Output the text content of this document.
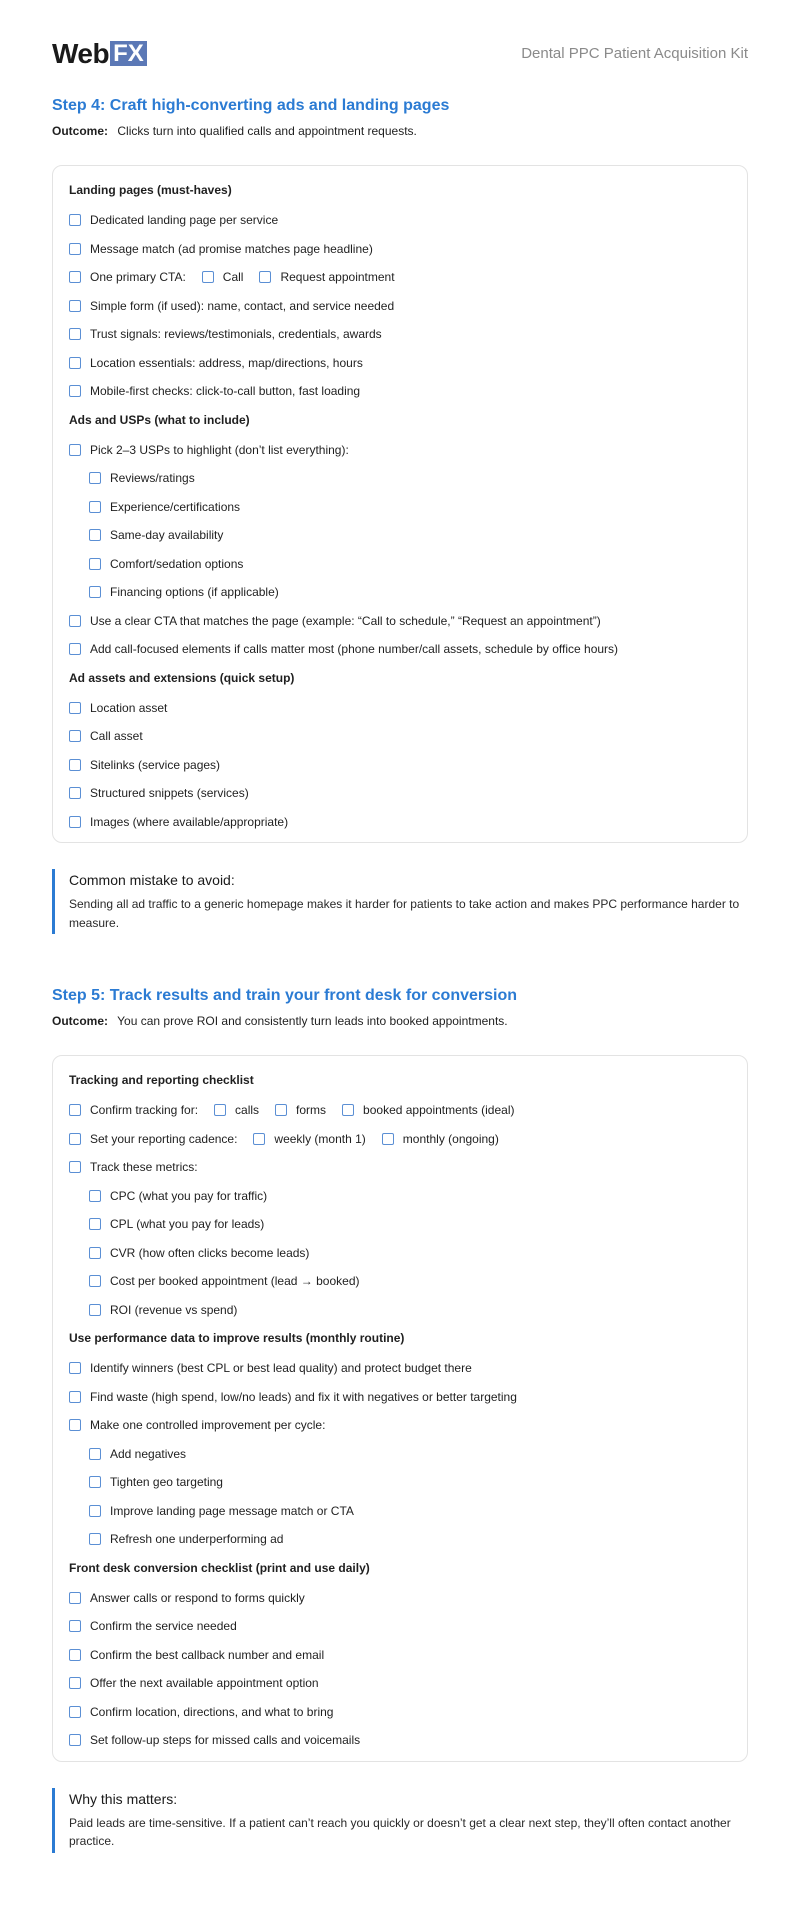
Web FX	Dental PPC Patient Acquisition Kit
Step 4: Craft high-converting ads and landing pages
Outcome: Clicks turn into qualified calls and appointment requests.
Landing pages (must-haves)
Dedicated landing page per service
Message match (ad promise matches page headline)
One primary CTA:	Call	Request appointment
Simple form (if used): name, contact, and service needed
Trust signals: reviews/testimonials, credentials, awards
Location essentials: address, map/directions, hours
Mobile-first checks: click-to-call button, fast loading
Ads and USPs (what to include)
Pick 2–3 USPs to highlight (don’t list everything):
Reviews/ratings
Experience/certifications
Same-day availability
Comfort/sedation options
Financing options (if applicable)
Use a clear CTA that matches the page (example: “Call to schedule,” “Request an appointment”)
Add call-focused elements if calls matter most (phone number/call assets, schedule by office hours)
Ad assets and extensions (quick setup)
Location asset
Call asset
Sitelinks (service pages)
Structured snippets (services)
Images (where available/appropriate)
Common mistake to avoid:

Sending all ad traffic to a generic homepage makes it harder for patients to take action and makes PPC performance harder to measure.

Step 5: Track results and train your front desk for conversion
Outcome: You can prove ROI and consistently turn leads into booked appointments.
Tracking and reporting checklist
Confirm tracking for:	calls	forms	booked appointments (ideal)
Set your reporting cadence:	weekly (month 1)	monthly (ongoing)
Track these metrics:
CPC (what you pay for traffic)
CPL (what you pay for leads)
CVR (how often clicks become leads)
Cost per booked appointment (lead → booked)
ROI (revenue vs spend)
Use performance data to improve results (monthly routine)
Identify winners (best CPL or best lead quality) and protect budget there
Find waste (high spend, low/no leads) and fix it with negatives or better targeting
Make one controlled improvement per cycle:
Add negatives
Tighten geo targeting
Improve landing page message match or CTA
Refresh one underperforming ad
Front desk conversion checklist (print and use daily)
Answer calls or respond to forms quickly
Confirm the service needed
Confirm the best callback number and email
Offer the next available appointment option
Confirm location, directions, and what to bring
Set follow-up steps for missed calls and voicemails
Why this matters:

Paid leads are time-sensitive. If a patient can’t reach you quickly or doesn’t get a clear next step, they’ll often contact another practice.
